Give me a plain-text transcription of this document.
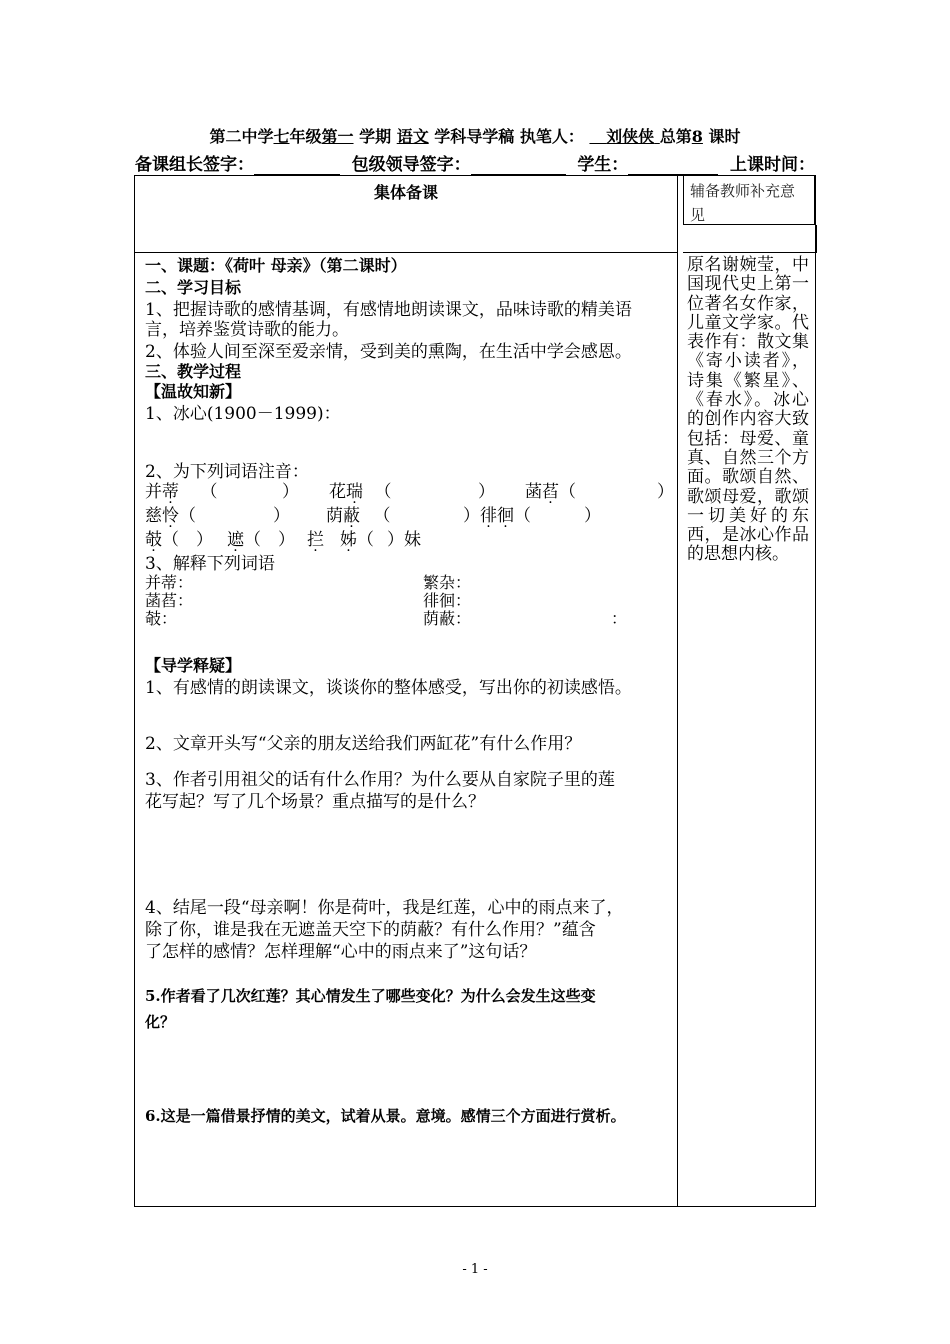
第二中学七年级第一 学期 语文 学科导学稿 执笔人： 刘侠侠 总第8 课时
备课组长签字：	包级领导签字：	学生：	上课时间：
集体备课	辅备教师补充意见
原名谢婉莹，中国现代史上第一位著名女作家，儿童文学家。代表作有：散文集《寄小读者》，诗集《繁星》、《春水》。冰心的创作内容大致包括：母爱、童真、自然三个方面。歌颂自然、歌颂母爱，歌颂一切美好的东西，是冰心作品的思想内核。
一、课题：《荷叶 母亲》（第二课时）
二、学习目标
1、把握诗歌的感情基调，有感情地朗读课文，品味诗歌的精美语
言，培养鉴赏诗歌的能力。
2、体验人间至深至爱亲情，受到美的熏陶，在生活中学会感恩。
三、教学过程
【温故知新】
1、冰心(1900－1999)：
2、为下列词语注音：
并蒂 （	） 花瑞 （	） 菡萏（	）
慈怜（	） 荫蔽 （	）徘徊（	）
攲（ ） 遮（ ） 拦 姊（ ）妹
3、解释下列词语
并蒂：	繁杂：
菡萏：	徘徊：
攲：	荫蔽：	：
【导学释疑】
1、有感情的朗读课文，谈谈你的整体感受，写出你的初读感悟。
2、文章开头写“父亲的朋友送给我们两缸花”有什么作用？
3、作者引用祖父的话有什么作用？为什么要从自家院子里的莲
花写起？写了几个场景？重点描写的是什么？
4、结尾一段“母亲啊！你是荷叶，我是红莲，心中的雨点来了，
除了你，谁是我在无遮盖天空下的荫蔽？有什么作用？”蕴含
了怎样的感情？怎样理解“心中的雨点来了”这句话？
5.作者看了几次红莲？其心情发生了哪些变化？为什么会发生这些变
化？
6.这是一篇借景抒情的美文，试着从景。意境。感情三个方面进行赏析。
- 1 -
